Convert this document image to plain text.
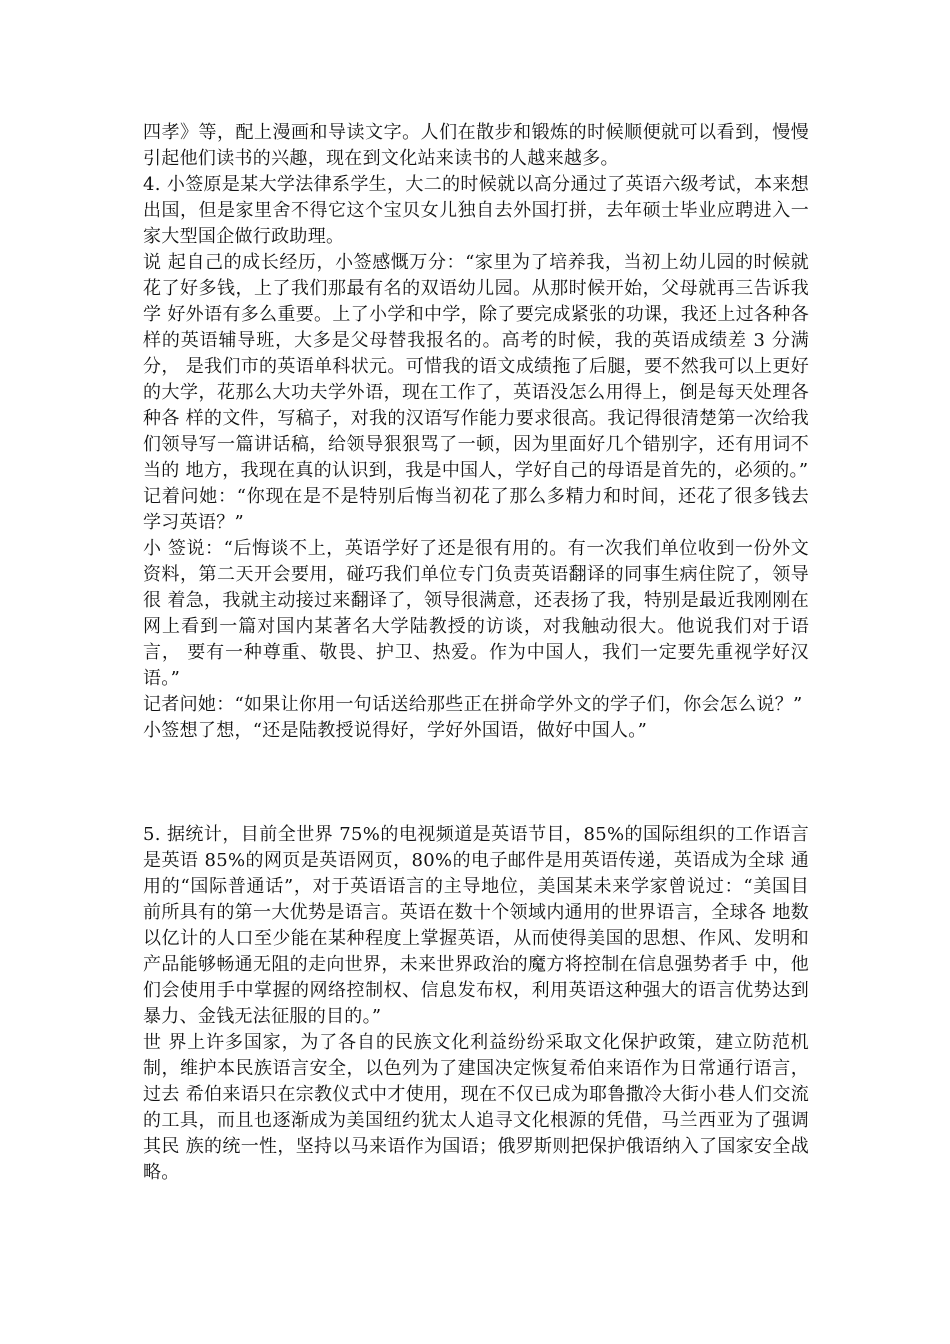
四孝》等，配上漫画和导读文字。人们在散步和锻炼的时候顺便就可以看到，慢慢引起他们读书的兴趣，现在到文化站来读书的人越来越多。

4. 小签原是某大学法律系学生，大二的时候就以高分通过了英语六级考试，本来想出国，但是家里舍不得它这个宝贝女儿独自去外国打拼，去年硕士毕业应聘进入一家大型国企做行政助理。

说 起自己的成长经历，小签感慨万分：“家里为了培养我，当初上幼儿园的时候就花了好多钱，上了我们那最有名的双语幼儿园。从那时候开始，父母就再三告诉我学 好外语有多么重要。上了小学和中学，除了要完成紧张的功课，我还上过各种各样的英语辅导班，大多是父母替我报名的。高考的时候，我的英语成绩差 3 分满分， 是我们市的英语单科状元。可惜我的语文成绩拖了后腿，要不然我可以上更好的大学，花那么大功夫学外语，现在工作了，英语没怎么用得上，倒是每天处理各种各 样的文件，写稿子，对我的汉语写作能力要求很高。我记得很清楚第一次给我们领导写一篇讲话稿，给领导狠狠骂了一顿，因为里面好几个错别字，还有用词不当的 地方，我现在真的认识到，我是中国人，学好自己的母语是首先的，必须的。”

记着问她：“你现在是不是特别后悔当初花了那么多精力和时间，还花了很多钱去学习英语？”

小 签说：“后悔谈不上，英语学好了还是很有用的。有一次我们单位收到一份外文资料，第二天开会要用，碰巧我们单位专门负责英语翻译的同事生病住院了，领导很 着急，我就主动接过来翻译了，领导很满意，还表扬了我，特别是最近我刚刚在网上看到一篇对国内某著名大学陆教授的访谈，对我触动很大。他说我们对于语言， 要有一种尊重、敬畏、护卫、热爱。作为中国人，我们一定要先重视学好汉语。”

记者问她：“如果让你用一句话送给那些正在拼命学外文的学子们，你会怎么说？”

小签想了想，“还是陆教授说得好，学好外国语，做好中国人。”

5. 据统计，目前全世界 75%的电视频道是英语节目，85%的国际组织的工作语言是英语 85%的网页是英语网页，80%的电子邮件是用英语传递，英语成为全球 通用的“国际普通话”，对于英语语言的主导地位，美国某未来学家曾说过：“美国目前所具有的第一大优势是语言。英语在数十个领域内通用的世界语言，全球各 地数以亿计的人口至少能在某种程度上掌握英语，从而使得美国的思想、作风、发明和产品能够畅通无阻的走向世界，未来世界政治的魔方将控制在信息强势者手 中，他们会使用手中掌握的网络控制权、信息发布权，利用英语这种强大的语言优势达到暴力、金钱无法征服的目的。”

世 界上许多国家，为了各自的民族文化利益纷纷采取文化保护政策，建立防范机制，维护本民族语言安全，以色列为了建国决定恢复希伯来语作为日常通行语言，过去 希伯来语只在宗教仪式中才使用，现在不仅已成为耶鲁撒冷大街小巷人们交流的工具，而且也逐渐成为美国纽约犹太人追寻文化根源的凭借，马兰西亚为了强调其民 族的统一性，坚持以马来语作为国语；俄罗斯则把保护俄语纳入了国家安全战略。
